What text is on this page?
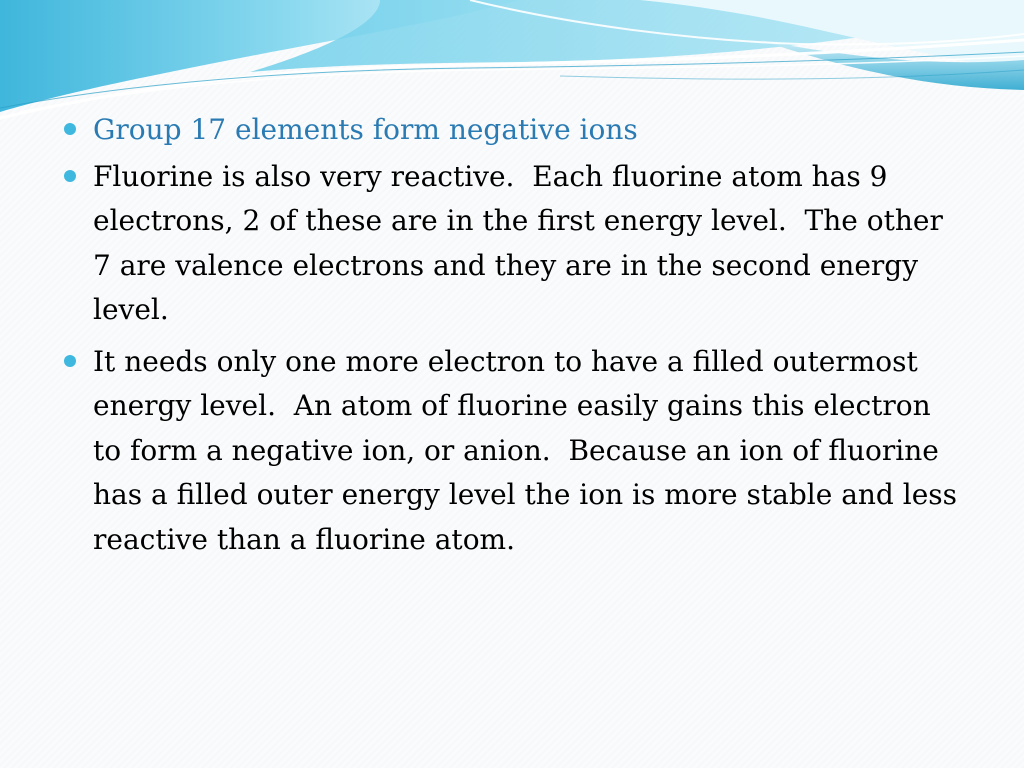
Group 17 elements form negative ions
Fluorine is also very reactive.  Each fluorine atom has 9 electrons, 2 of these are in the first energy level.  The other 7 are valence electrons and they are in the second energy level.
It needs only one more electron to have a filled outermost energy level.  An atom of fluorine easily gains this electron to form a negative ion, or anion.  Because an ion of fluorine has a filled outer energy level the ion is more stable and less reactive than a fluorine atom.
